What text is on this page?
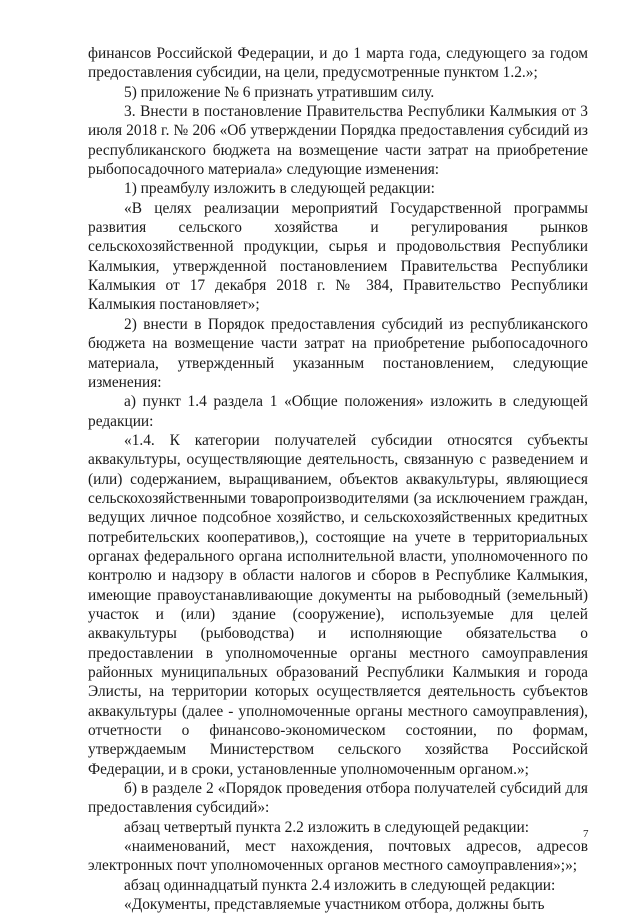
финансов Российской Федерации, и до 1 марта года, следующего за годом предоставления субсидии, на цели, предусмотренные пунктом 1.2.»;

5) приложение № 6 признать утратившим силу.

3. Внести в постановление Правительства Республики Калмыкия от 3 июля 2018 г. № 206 «Об утверждении Порядка предоставления субсидий из республиканского бюджета на возмещение части затрат на приобретение рыбопосадочного материала» следующие изменения:

1) преамбулу изложить в следующей редакции:

«В целях реализации мероприятий Государственной программы развития сельского хозяйства и регулирования рынков сельскохозяйственной продукции, сырья и продовольствия Республики Калмыкия, утвержденной постановлением Правительства Республики Калмыкия от 17 декабря 2018 г. № 384, Правительство Республики Калмыкия постановляет»;

2) внести в Порядок предоставления субсидий из республиканского бюджета на возмещение части затрат на приобретение рыбопосадочного материала, утвержденный указанным постановлением, следующие изменения:

а) пункт 1.4 раздела 1 «Общие положения» изложить в следующей редакции:

«1.4. К категории получателей субсидии относятся субъекты аквакультуры, осуществляющие деятельность, связанную с разведением и (или) содержанием, выращиванием, объектов аквакультуры, являющиеся сельскохозяйственными товаропроизводителями (за исключением граждан, ведущих личное подсобное хозяйство, и сельскохозяйственных кредитных потребительских кооперативов,), состоящие на учете в территориальных органах федерального органа исполнительной власти, уполномоченного по контролю и надзору в области налогов и сборов в Республике Калмыкия, имеющие правоустанавливающие документы на рыбоводный (земельный) участок и (или) здание (сооружение), используемые для целей аквакультуры (рыбоводства) и исполняющие обязательства о предоставлении в уполномоченные органы местного самоуправления районных муниципальных образований Республики Калмыкия и города Элисты, на территории которых осуществляется деятельность субъектов аквакультуры (далее - уполномоченные органы местного самоуправления), отчетности о финансово-экономическом состоянии, по формам, утверждаемым Министерством сельского хозяйства Российской Федерации, и в сроки, установленные уполномоченным органом.»;

б) в разделе 2 «Порядок проведения отбора получателей субсидий для предоставления субсидий»:

абзац четвертый пункта 2.2 изложить в следующей редакции:

«наименований, мест нахождения, почтовых адресов, адресов электронных почт уполномоченных органов местного самоуправления»;»;

абзац одиннадцатый пункта 2.4 изложить в следующей редакции:

«Документы, представляемые участником отбора, должны быть

7
